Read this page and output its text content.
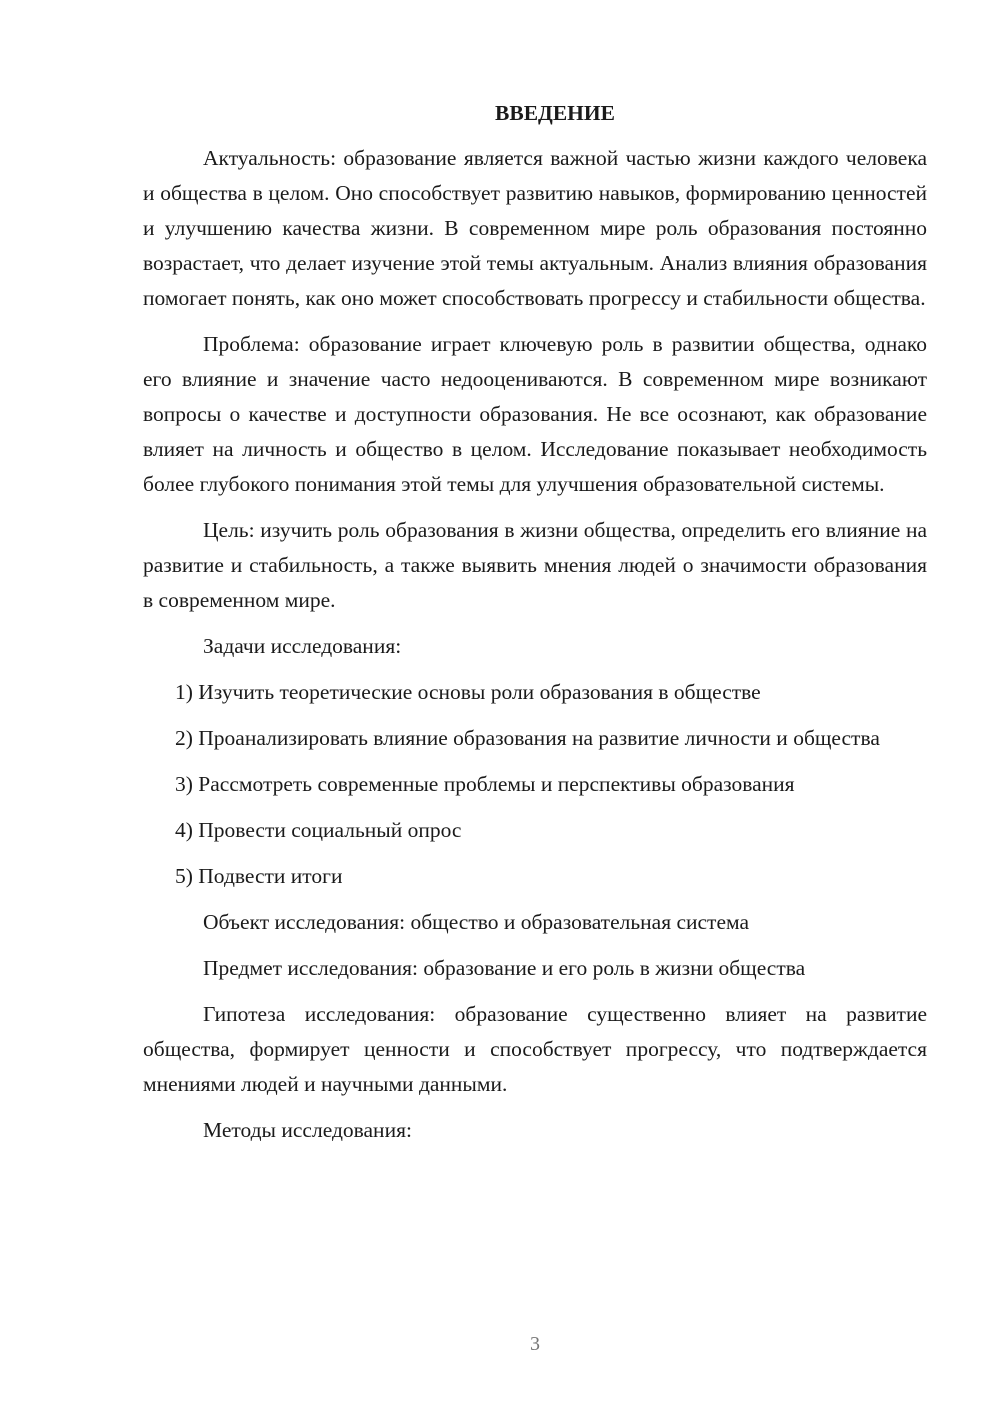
ВВЕДЕНИЕ

Актуальность: образование является важной частью жизни каждого человека и общества в целом. Оно способствует развитию навыков, формированию ценностей и улучшению качества жизни. В современном мире роль образования постоянно возрастает, что делает изучение этой темы актуальным. Анализ влияния образования помогает понять, как оно может способствовать прогрессу и стабильности общества.

Проблема: образование играет ключевую роль в развитии общества, однако его влияние и значение часто недооцениваются. В современном мире возникают вопросы о качестве и доступности образования. Не все осознают, как образование влияет на личность и общество в целом. Исследование показывает необходимость более глубокого понимания этой темы для улучшения образовательной системы.

Цель: изучить роль образования в жизни общества, определить его влияние на развитие и стабильность, а также выявить мнения людей о значимости образования в современном мире.

Задачи исследования:

1) Изучить теоретические основы роли образования в обществе

2) Проанализировать влияние образования на развитие личности и общества

3) Рассмотреть современные проблемы и перспективы образования

4) Провести социальный опрос

5) Подвести итоги

Объект исследования: общество и образовательная система

Предмет исследования: образование и его роль в жизни общества

Гипотеза исследования: образование существенно влияет на развитие общества, формирует ценности и способствует прогрессу, что подтверждается мнениями людей и научными данными.

Методы исследования:

3
